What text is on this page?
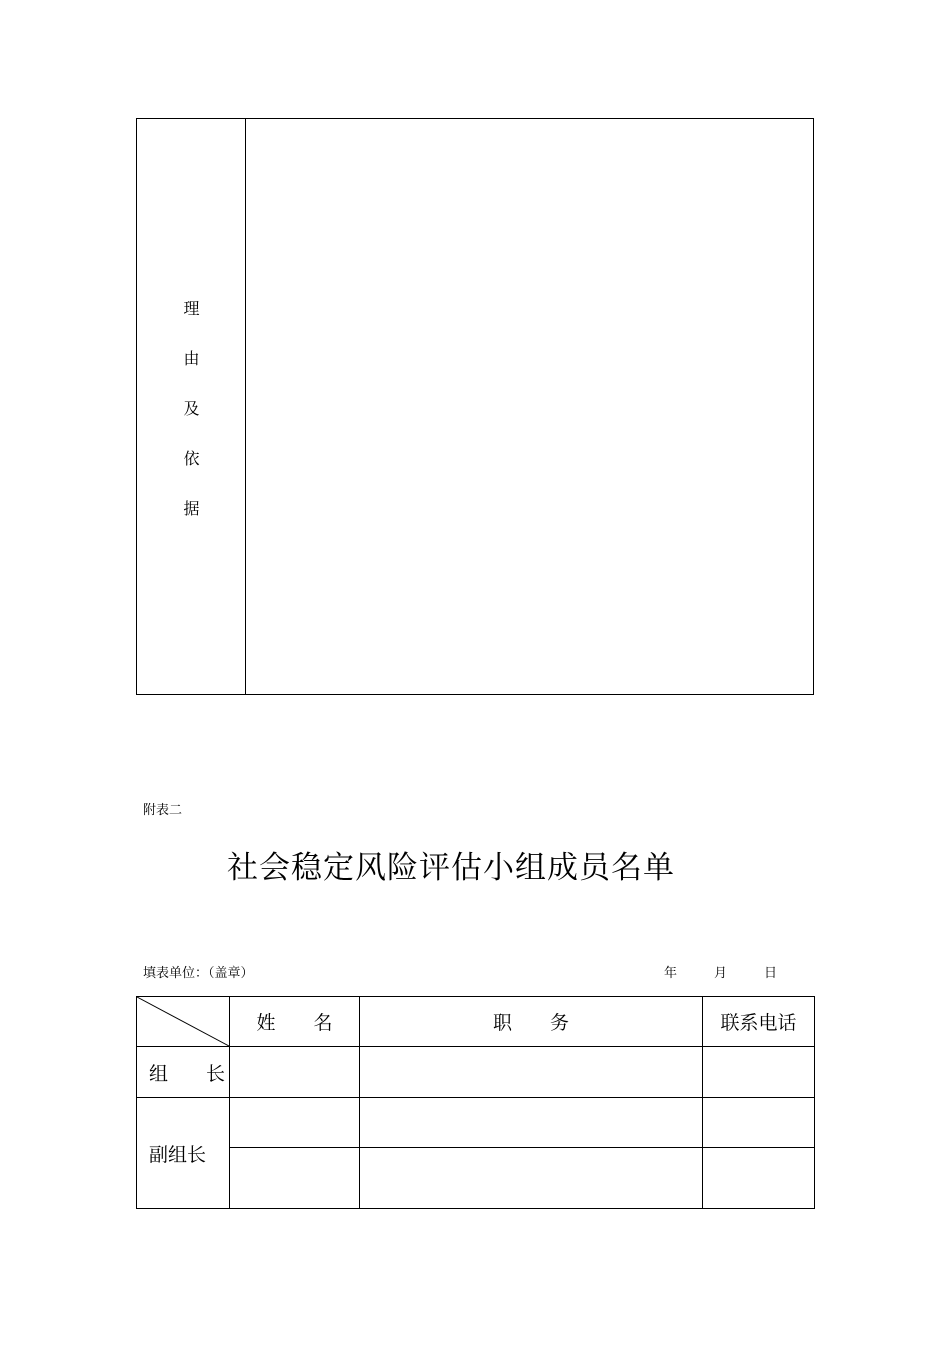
理
由
及
依
据
附表二
社会稳定风险评估小组成员名单
填表单位：（盖章）	年	月	日
	姓　　名	职　　务	联系电话
组　　长			
副组长			
